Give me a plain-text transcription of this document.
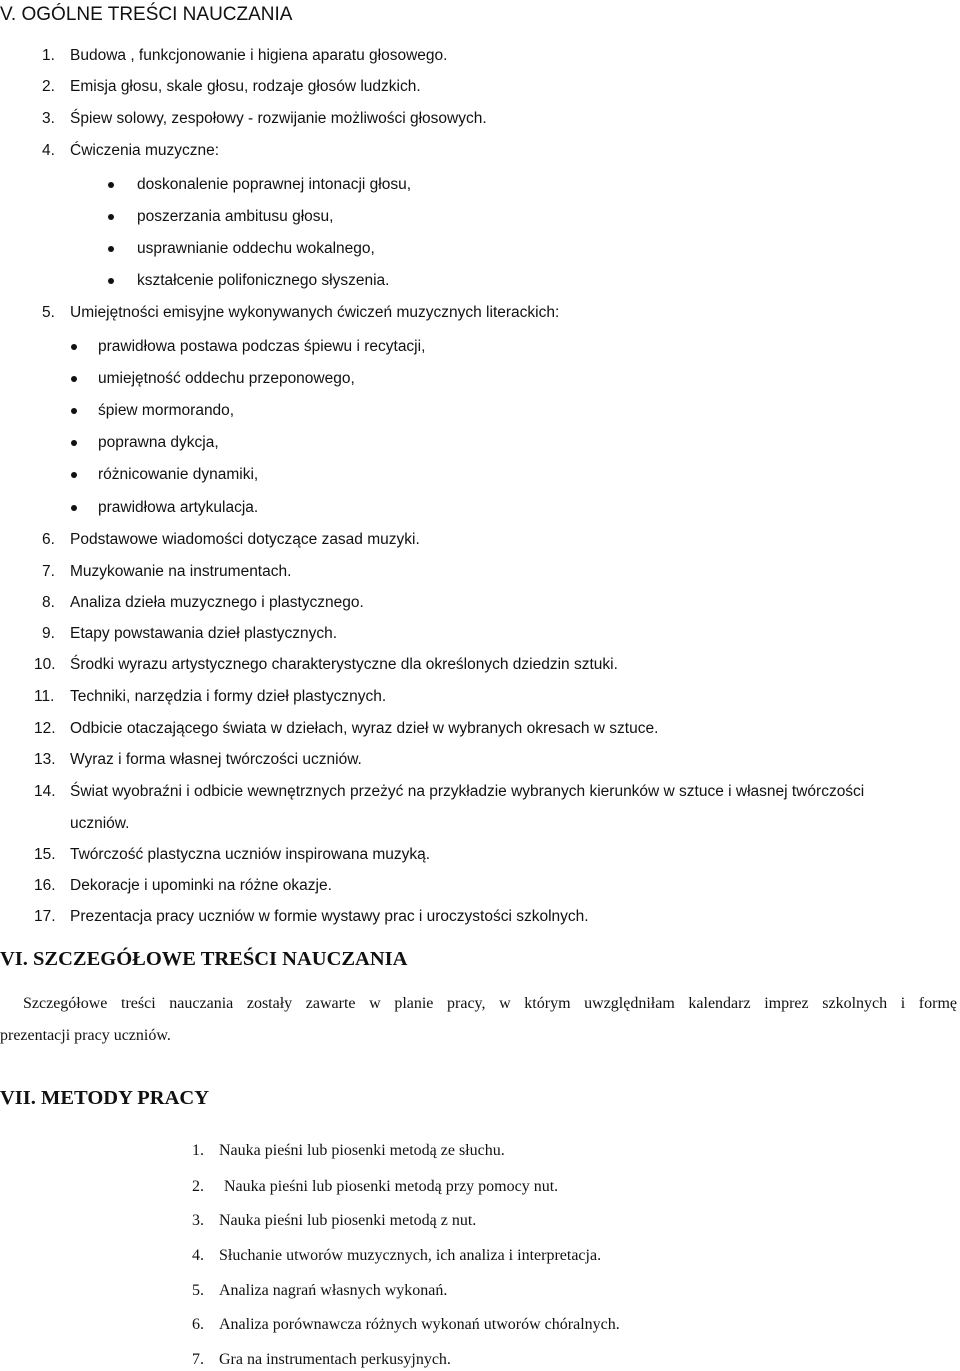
V. OGÓLNE TREŚCI NAUCZANIA
1. Budowa , funkcjonowanie i higiena aparatu głosowego.
2. Emisja głosu, skale głosu, rodzaje głosów ludzkich.
3. Śpiew solowy, zespołowy - rozwijanie możliwości głosowych.
4. Ćwiczenia muzyczne:
doskonalenie poprawnej intonacji głosu,
poszerzania ambitusu głosu,
usprawnianie oddechu wokalnego,
kształcenie polifonicznego słyszenia.
5. Umiejętności emisyjne wykonywanych ćwiczeń muzycznych literackich:
prawidłowa postawa podczas śpiewu i recytacji,
umiejętność oddechu przeponowego,
śpiew mormorando,
poprawna dykcja,
różnicowanie dynamiki,
prawidłowa artykulacja.
6. Podstawowe wiadomości dotyczące zasad muzyki.
7. Muzykowanie na instrumentach.
8. Analiza dzieła muzycznego i plastycznego.
9. Etapy powstawania dzieł plastycznych.
10. Środki wyrazu artystycznego charakterystyczne dla określonych dziedzin sztuki.
11. Techniki, narzędzia i formy dzieł plastycznych.
12. Odbicie otaczającego świata w dziełach, wyraz dzieł w wybranych okresach w sztuce.
13. Wyraz i forma własnej twórczości uczniów.
14. Świat wyobraźni i odbicie wewnętrznych przeżyć na przykładzie wybranych kierunków w sztuce i własnej twórczości
uczniów.
15. Twórczość plastyczna uczniów inspirowana muzyką.
16. Dekoracje i upominki na różne okazje.
17. Prezentacja pracy uczniów w formie wystawy prac i uroczystości szkolnych.
VI. SZCZEGÓŁOWE TREŚCI NAUCZANIA
Szczegółowe treści nauczania zostały zawarte w planie pracy, w którym uwzględniłam kalendarz imprez szkolnych i formę
prezentacji pracy uczniów.
VII. METODY PRACY
1. Nauka pieśni lub piosenki metodą ze słuchu.
2. Nauka pieśni lub piosenki metodą przy pomocy nut.
3. Nauka pieśni lub piosenki metodą z nut.
4. Słuchanie utworów muzycznych, ich analiza i interpretacja.
5. Analiza nagrań własnych wykonań.
6. Analiza porównawcza różnych wykonań utworów chóralnych.
7. Gra na instrumentach perkusyjnych.
